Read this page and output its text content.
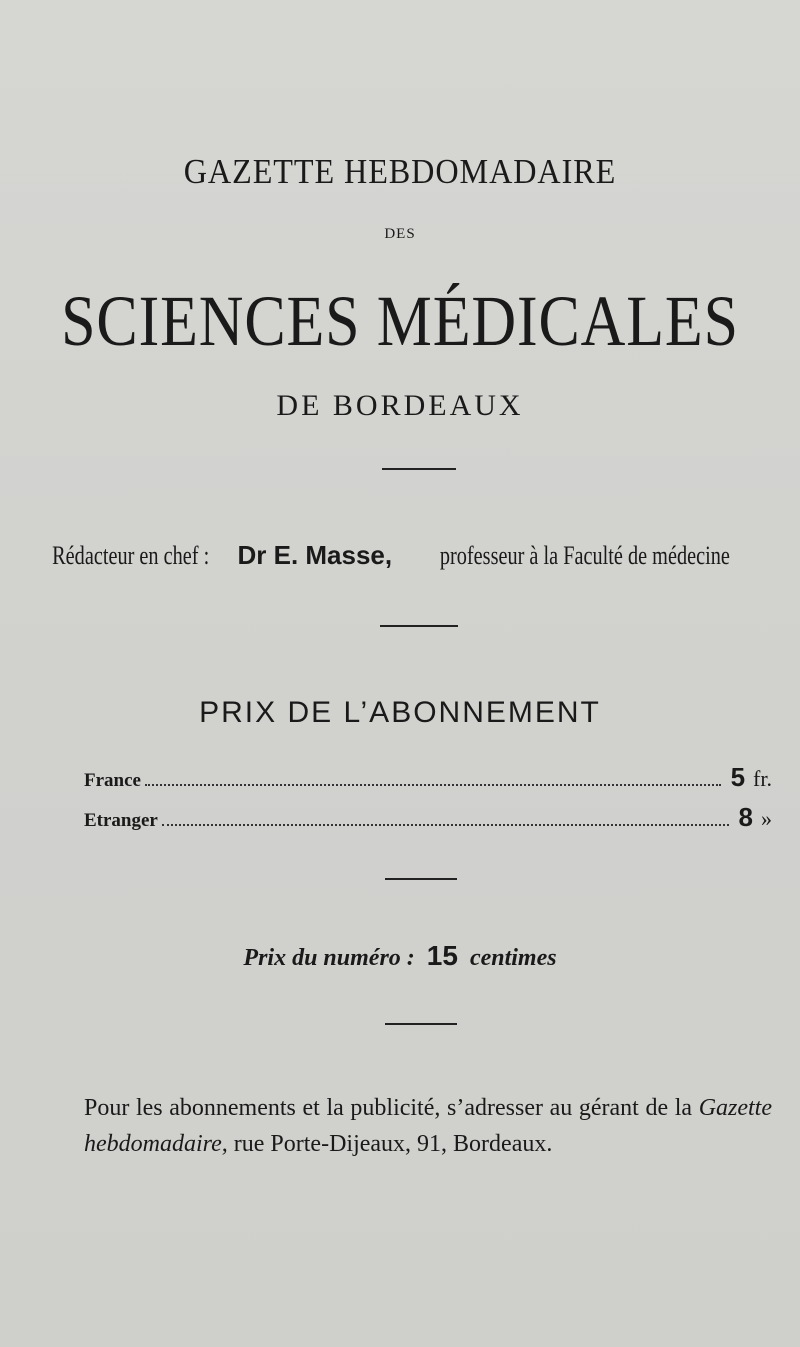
GAZETTE HEBDOMADAIRE
DES
SCIENCES MÉDICALES
DE BORDEAUX
Rédacteur en chef : Dr E. Masse, professeur à la Faculté de médecine
PRIX DE L’ABONNEMENT
France	5 fr.
Etranger	8 »
Prix du numéro : 15 centimes
Pour les abonnements et la publicité, s’adresser au gérant de la Gazette hebdomadaire, rue Porte-Dijeaux, 91, Bordeaux.
